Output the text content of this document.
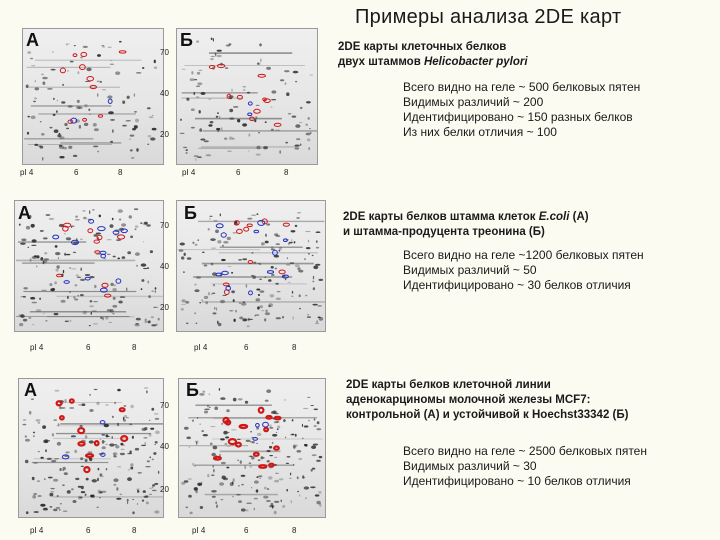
Примеры анализа 2DE карт
А	Б
70
40
20
pI 4	6	8	pI 4	6	8
2DE карты клеточных белков
двух штаммов Helicobacter pylori
Всего видно на геле ~ 500 белковых пятен
Видимых различий ~ 200
Идентифицировано ~ 150 разных белков
Из них белки отличия ~ 100
А	Б
70
40
20
pI 4	6	8	pI 4	6	8
2DE карты белков штамма клеток E.coli (А)
и штамма-продуцента треонина (Б)
Всего видно на геле ~1200 белковых пятен
Видимых различий ~ 50
Идентифицировано ~ 30 белков отличия
А	Б
70
40
20
pI 4	6	8	pI 4	6	8
2DE карты белков клеточной линии
аденокарциномы молочной железы MCF7:
контрольной (А) и устойчивой к Hoechst33342 (Б)
Всего видно на геле ~ 2500 белковых пятен
Видимых различий ~ 30
Идентифицировано ~ 10 белков отличия
